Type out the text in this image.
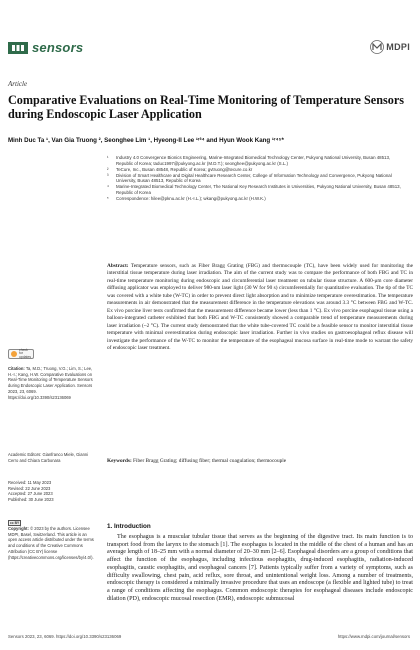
sensors	MDPI
Article
Comparative Evaluations on Real-Time Monitoring of Temperature Sensors during Endoscopic Laser Application
Minh Duc Ta ¹, Van Gia Truong ², Seonghee Lim ¹, Hyeong-Il Lee ¹ʳ³⁴ and Hyun Wook Kang ¹ʳ⁴⁵*
¹	Industry 4.0 Convergence Bionics Engineering, Marine-Integrated Biomedical Technology Center, Pukyong National University, Busan 48513, Republic of Korea; taduc1997@pukyong.ac.kr (M.D.T.); seonghee@pukyong.ac.kr (S.L.)
²	TeCure, Inc., Busan 48548, Republic of Korea; gvtruong@tecure.co.kr
³	Division of Smart Healthcare and Digital Healthcare Research Center, College of Information Technology and Convergence, Pukyong National University, Busan 48513, Republic of Korea
⁴	Marine-Integrated Biomedical Technology Center, The National Key Research Institutes in Universities, Pukyong National University, Busan 48513, Republic of Korea
*	Correspondence: hilee@pknu.ac.kr (H.-I.L.); wkang@pukyong.ac.kr (H.W.K.)

Abstract: Temperature sensors, such as Fiber Bragg Grating (FBG) and thermocouple (TC), have been widely used for monitoring the interstitial tissue temperature during laser irradiation. The aim of the current study was to compare the performance of both FBG and TC in real-time temperature monitoring during endoscopic and circumferential laser treatment on tubular tissue structure. A 600-μm core diameter diffusing applicator was employed to deliver 980-nm laser light (30 W for 90 s) circumferentially for quantitative evaluation. The tip of the TC was covered with a white tube (W-TC) in order to prevent direct light absorption and to minimize temperature overestimation. The temperature measurements in air demonstrated that the measurement difference in the temperature elevations was around 3.3 °C between FBG and W-TC. Ex vivo porcine liver tests confirmed that the measurement difference became lower (less than 1 °C). Ex vivo porcine esophageal tissue using a balloon-integrated catheter exhibited that both FBG and W-TC consistently showed a comparable trend of temperature measurements during laser irradiation (~2 °C). The current study demonstrated that the white tube-covered TC could be a feasible sensor to monitor interstitial tissue temperature with minimal overestimation during endoscopic laser irradiation. Further in vivo studies on gastroesophageal reflux disease will investigate the performance of the W-TC to monitor the temperature of the esophageal mucosa surface in real-time mode to warrant the safety of endoscopic laser treatment.

Keywords: Fiber Bragg Grating; diffusing fiber; thermal coagulation; thermocouple

check for updates
Citation: Ta, M.D.; Truong, V.G.; Lim, S.; Lee, H.-I.; Kang, H.W. Comparative Evaluations on Real-Time Monitoring of Temperature Sensors during Endoscopic Laser Application. Sensors 2023, 23, 6069. https://doi.org/10.3390/s23136069
Academic Editors: Gianfranco Miele, Gianni Cerro and Chiara Carbonara
Received: 11 May 2023
Revised: 22 June 2023
Accepted: 27 June 2023
Published: 30 June 2023
cc BY
Copyright: © 2023 by the authors. Licensee MDPI, Basel, Switzerland. This article is an open access article distributed under the terms and conditions of the Creative Commons Attribution (CC BY) license (https://creativecommons.org/licenses/by/4.0/).
1. Introduction

The esophagus is a muscular tubular tissue that serves as the beginning of the digestive tract. Its main function is to transport food from the larynx to the stomach [1]. The esophagus is located in the middle of the chest of a human and has an average length of 18–25 mm with a normal diameter of 20–30 mm [2–6]. Esophageal disorders are a group of conditions that affect the function of the esophagus, including infectious esophagitis, drug-induced esophagitis, radiation-induced esophagitis, caustic esophagitis, and esophageal cancers [7]. Patients typically suffer from a variety of symptoms, such as difficulty swallowing, chest pain, acid reflux, sore throat, and unintentional weight loss. Among a number of treatments, endoscopic therapy is considered a minimally invasive procedure that uses an endoscope (a flexible and lighted tube) to treat a range of conditions affecting the esophagus. Common endoscopic therapies for esophageal diseases include endoscopic dilation (PD), endoscopic mucosal resection (EMR), endoscopic submucosal

Sensors 2023, 23, 6069. https://doi.org/10.3390/s23136069	https://www.mdpi.com/journal/sensors
